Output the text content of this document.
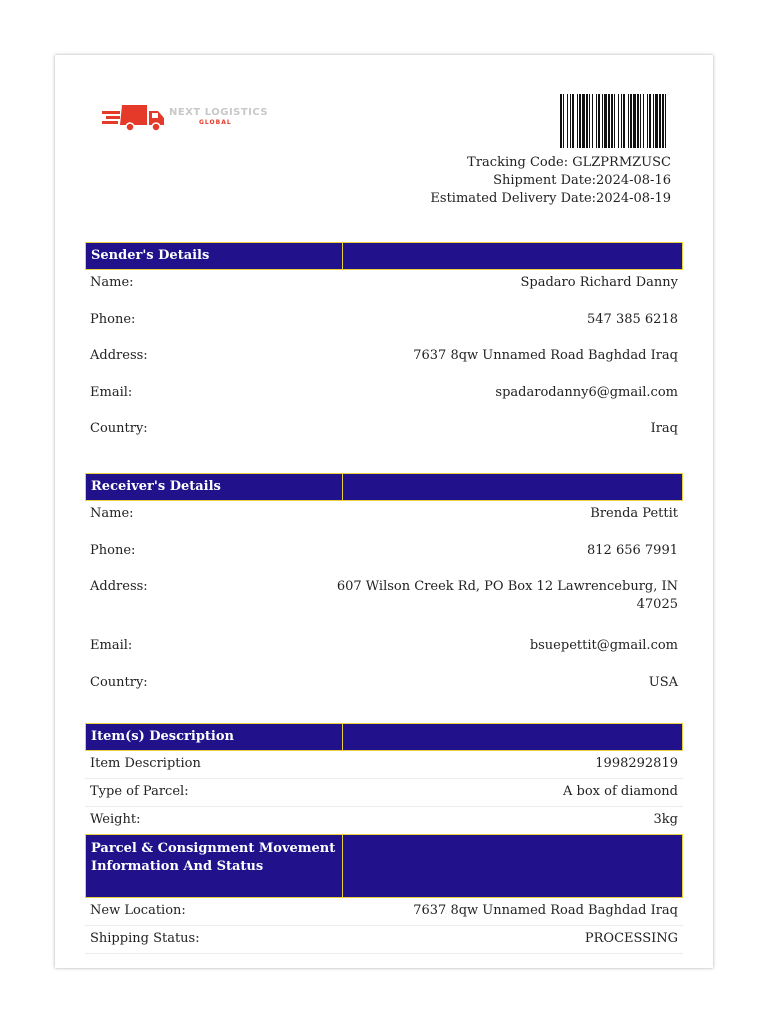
NEXT LOGISTICS
GLOBAL
Tracking Code: GLZPRMZUSC
Shipment Date:2024-08-16
Estimated Delivery Date:2024-08-19
Sender's Details
Name:	Spadaro Richard Danny
Phone:	547 385 6218
Address:	7637 8qw Unnamed Road Baghdad Iraq
Email:	spadarodanny6@gmail.com
Country:	Iraq
Receiver's Details
Name:	Brenda Pettit
Phone:	812 656 7991
Address:	607 Wilson Creek Rd, PO Box 12 Lawrenceburg, IN 47025
Email:	bsuepettit@gmail.com
Country:	USA
Item(s) Description
Item Description	1998292819
Type of Parcel:	A box of diamond
Weight:	3kg
Parcel & Consignment Movement Information And Status
New Location:	7637 8qw Unnamed Road Baghdad Iraq
Shipping Status:	PROCESSING
